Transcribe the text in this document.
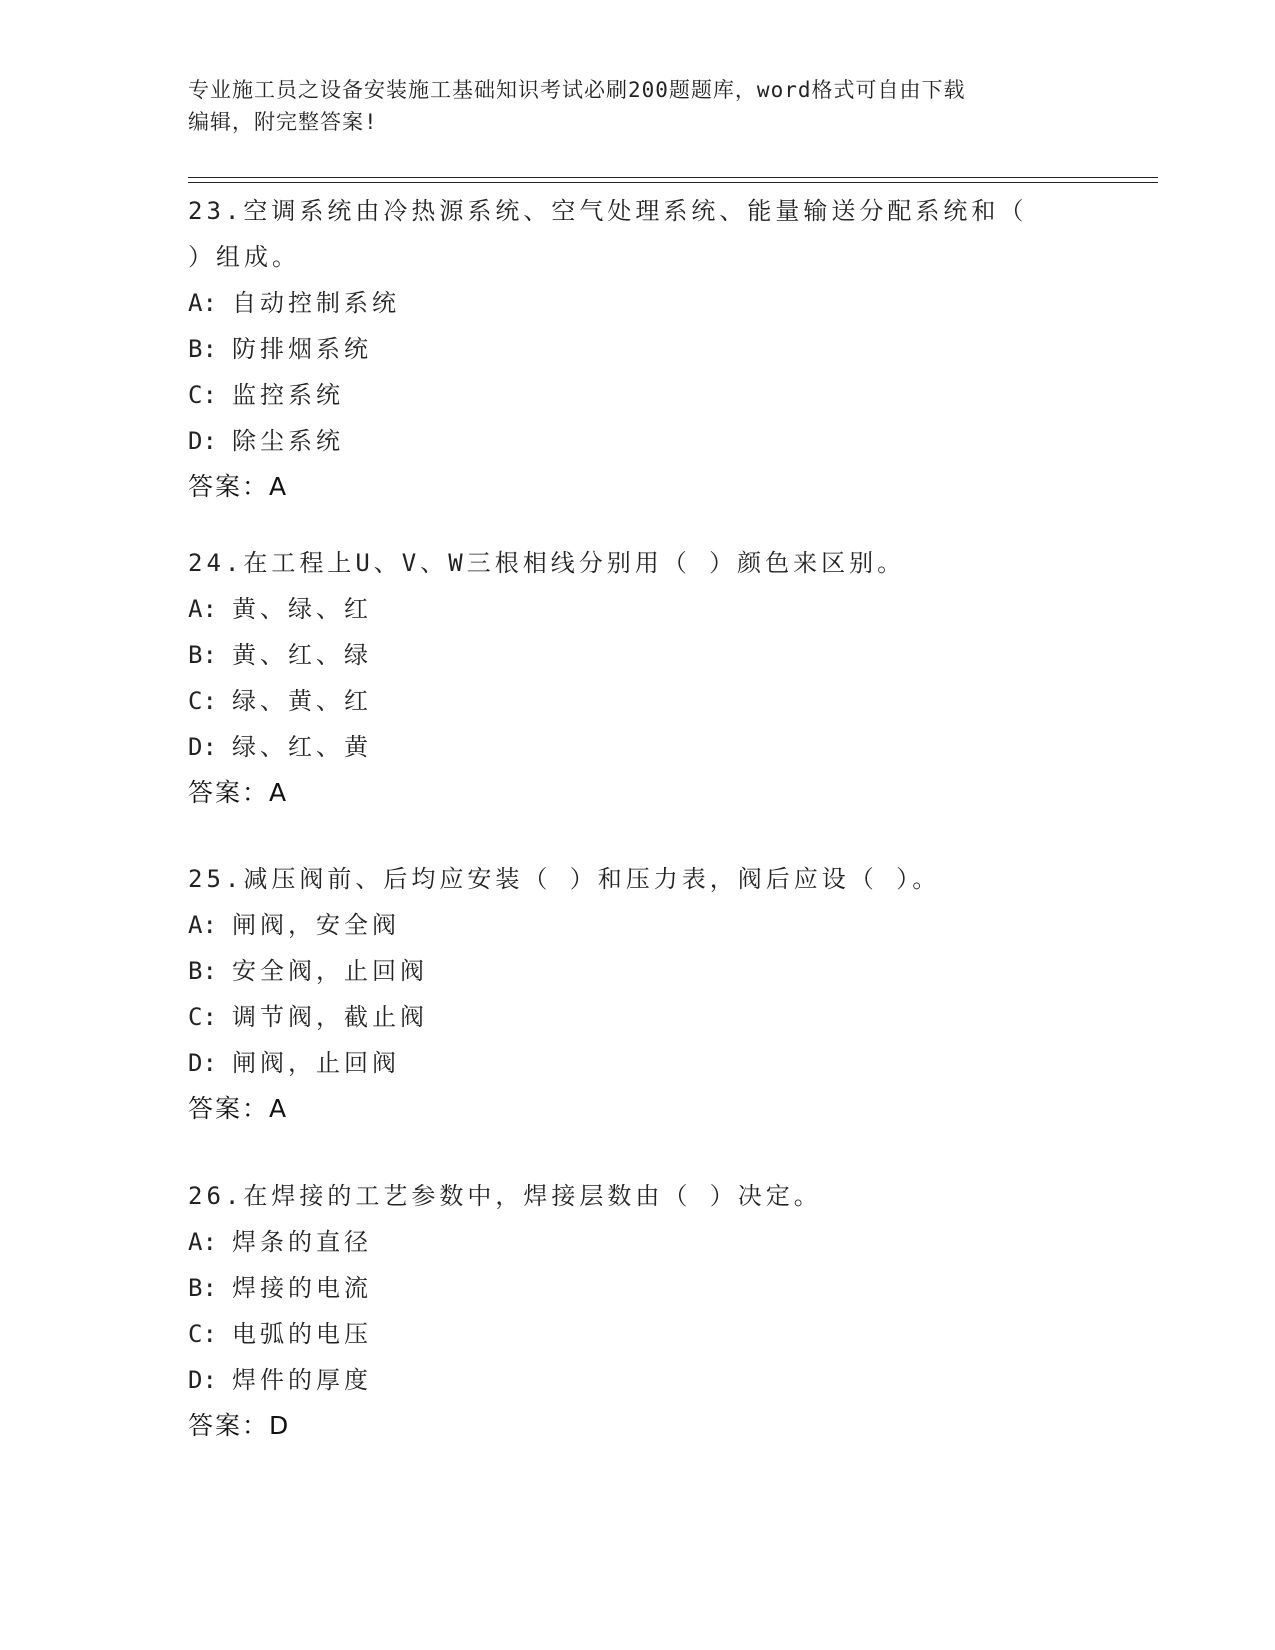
专业施工员之设备安装施工基础知识考试必刷200题题库，word格式可自由下载
编辑，附完整答案!
23.空调系统由冷热源系统、空气处理系统、能量输送分配系统和（
）组成。
A: 自动控制系统
B: 防排烟系统
C: 监控系统
D: 除尘系统
答案：A
24.在工程上U、V、W三根相线分别用（ ）颜色来区别。
A: 黄、绿、红
B: 黄、红、绿
C: 绿、黄、红
D: 绿、红、黄
答案：A
25.减压阀前、后均应安装（ ）和压力表，阀后应设（ ）。
A: 闸阀，安全阀
B: 安全阀，止回阀
C: 调节阀，截止阀
D: 闸阀，止回阀
答案：A
26.在焊接的工艺参数中，焊接层数由（ ）决定。
A: 焊条的直径
B: 焊接的电流
C: 电弧的电压
D: 焊件的厚度
答案：D
